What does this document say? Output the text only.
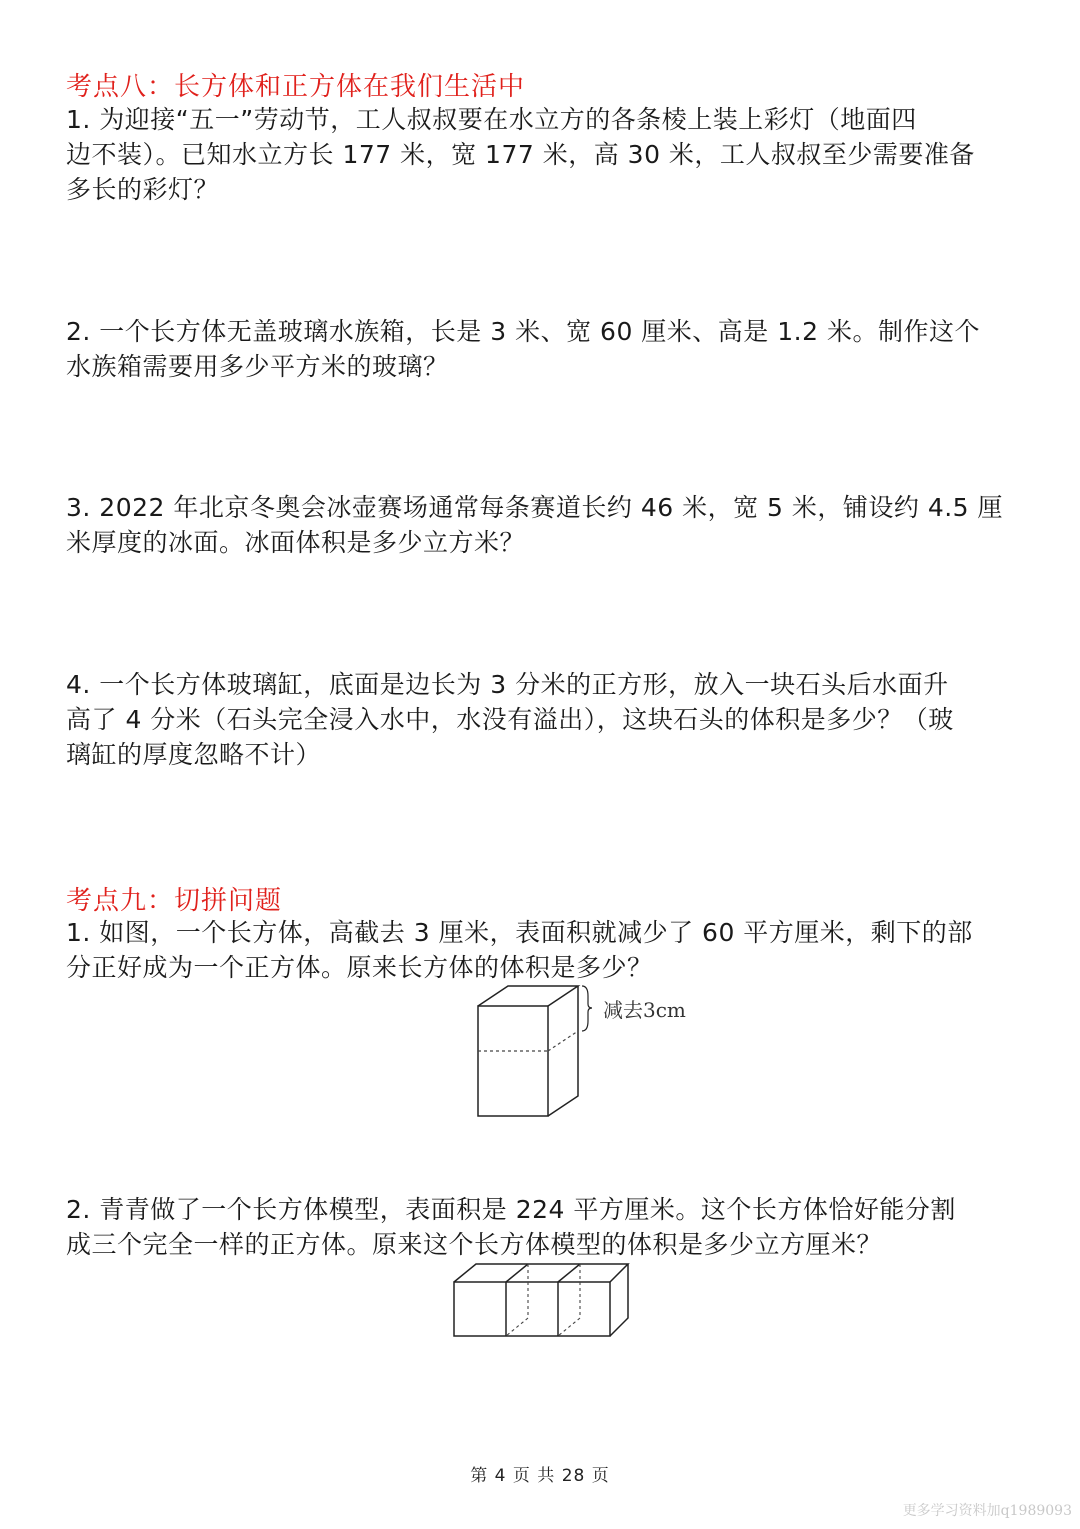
考点八：长方体和正方体在我们生活中
1. 为迎接“五一”劳动节，工人叔叔要在水立方的各条棱上装上彩灯（地面四
边不装）。已知水立方长 177 米，宽 177 米，高 30 米，工人叔叔至少需要准备
多长的彩灯？
2. 一个长方体无盖玻璃水族箱，长是 3 米、宽 60 厘米、高是 1.2 米。制作这个
水族箱需要用多少平方米的玻璃？
3. 2022 年北京冬奥会冰壶赛场通常每条赛道长约 46 米，宽 5 米，铺设约 4.5 厘
米厚度的冰面。冰面体积是多少立方米？
4. 一个长方体玻璃缸，底面是边长为 3 分米的正方形，放入一块石头后水面升
高了 4 分米（石头完全浸入水中，水没有溢出），这块石头的体积是多少？（玻
璃缸的厚度忽略不计）
考点九：切拼问题
1. 如图，一个长方体，高截去 3 厘米，表面积就减少了 60 平方厘米，剩下的部
分正好成为一个正方体。原来长方体的体积是多少？
减去3cm
2. 青青做了一个长方体模型，表面积是 224 平方厘米。这个长方体恰好能分割
成三个完全一样的正方体。原来这个长方体模型的体积是多少立方厘米？
第 4 页 共 28 页
更多学习资料加q1989093
